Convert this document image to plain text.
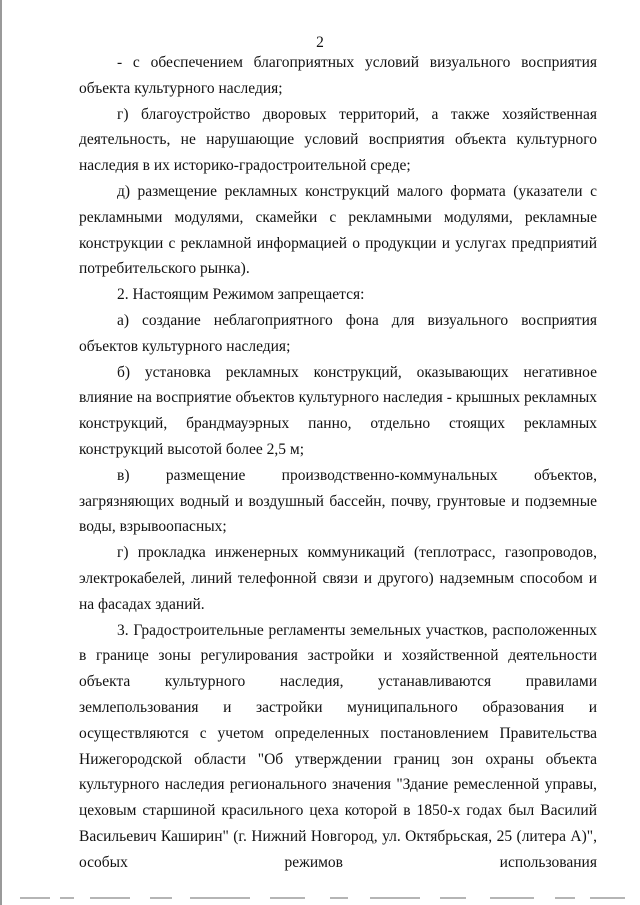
2

- с обеспечением благоприятных условий визуального восприятия объекта культурного наследия;

г) благоустройство дворовых территорий, а также хозяйственная деятельность, не нарушающие условий восприятия объекта культурного наследия в их историко-градостроительной среде;

д) размещение рекламных конструкций малого формата (указатели с рекламными модулями, скамейки с рекламными модулями, рекламные конструкции с рекламной информацией о продукции и услугах предприятий потребительского рынка).

2. Настоящим Режимом запрещается:

а) создание неблагоприятного фона для визуального восприятия объектов культурного наследия;

б) установка рекламных конструкций, оказывающих негативное влияние на восприятие объектов культурного наследия - крышных рекламных конструкций, брандмауэрных панно, отдельно стоящих рекламных конструкций высотой более 2,5 м;

в) размещение производственно-коммунальных объектов, загрязняющих водный и воздушный бассейн, почву, грунтовые и подземные воды, взрывоопасных;

г) прокладка инженерных коммуникаций (теплотрасс, газопроводов, электрокабелей, линий телефонной связи и другого) надземным способом и на фасадах зданий.

3. Градостроительные регламенты земельных участков, расположенных в границе зоны регулирования застройки и хозяйственной деятельности объекта культурного наследия, устанавливаются правилами землепользования и застройки муниципального образования и осуществляются с учетом определенных постановлением Правительства Нижегородской области "Об утверждении границ зон охраны объекта культурного наследия регионального значения "Здание ремесленной управы, цеховым старшиной красильного цеха которой в 1850-х годах был Василий Васильевич Каширин" (г. Нижний Новгород, ул. Октябрьская, 25 (литера А)", особых режимов использования
